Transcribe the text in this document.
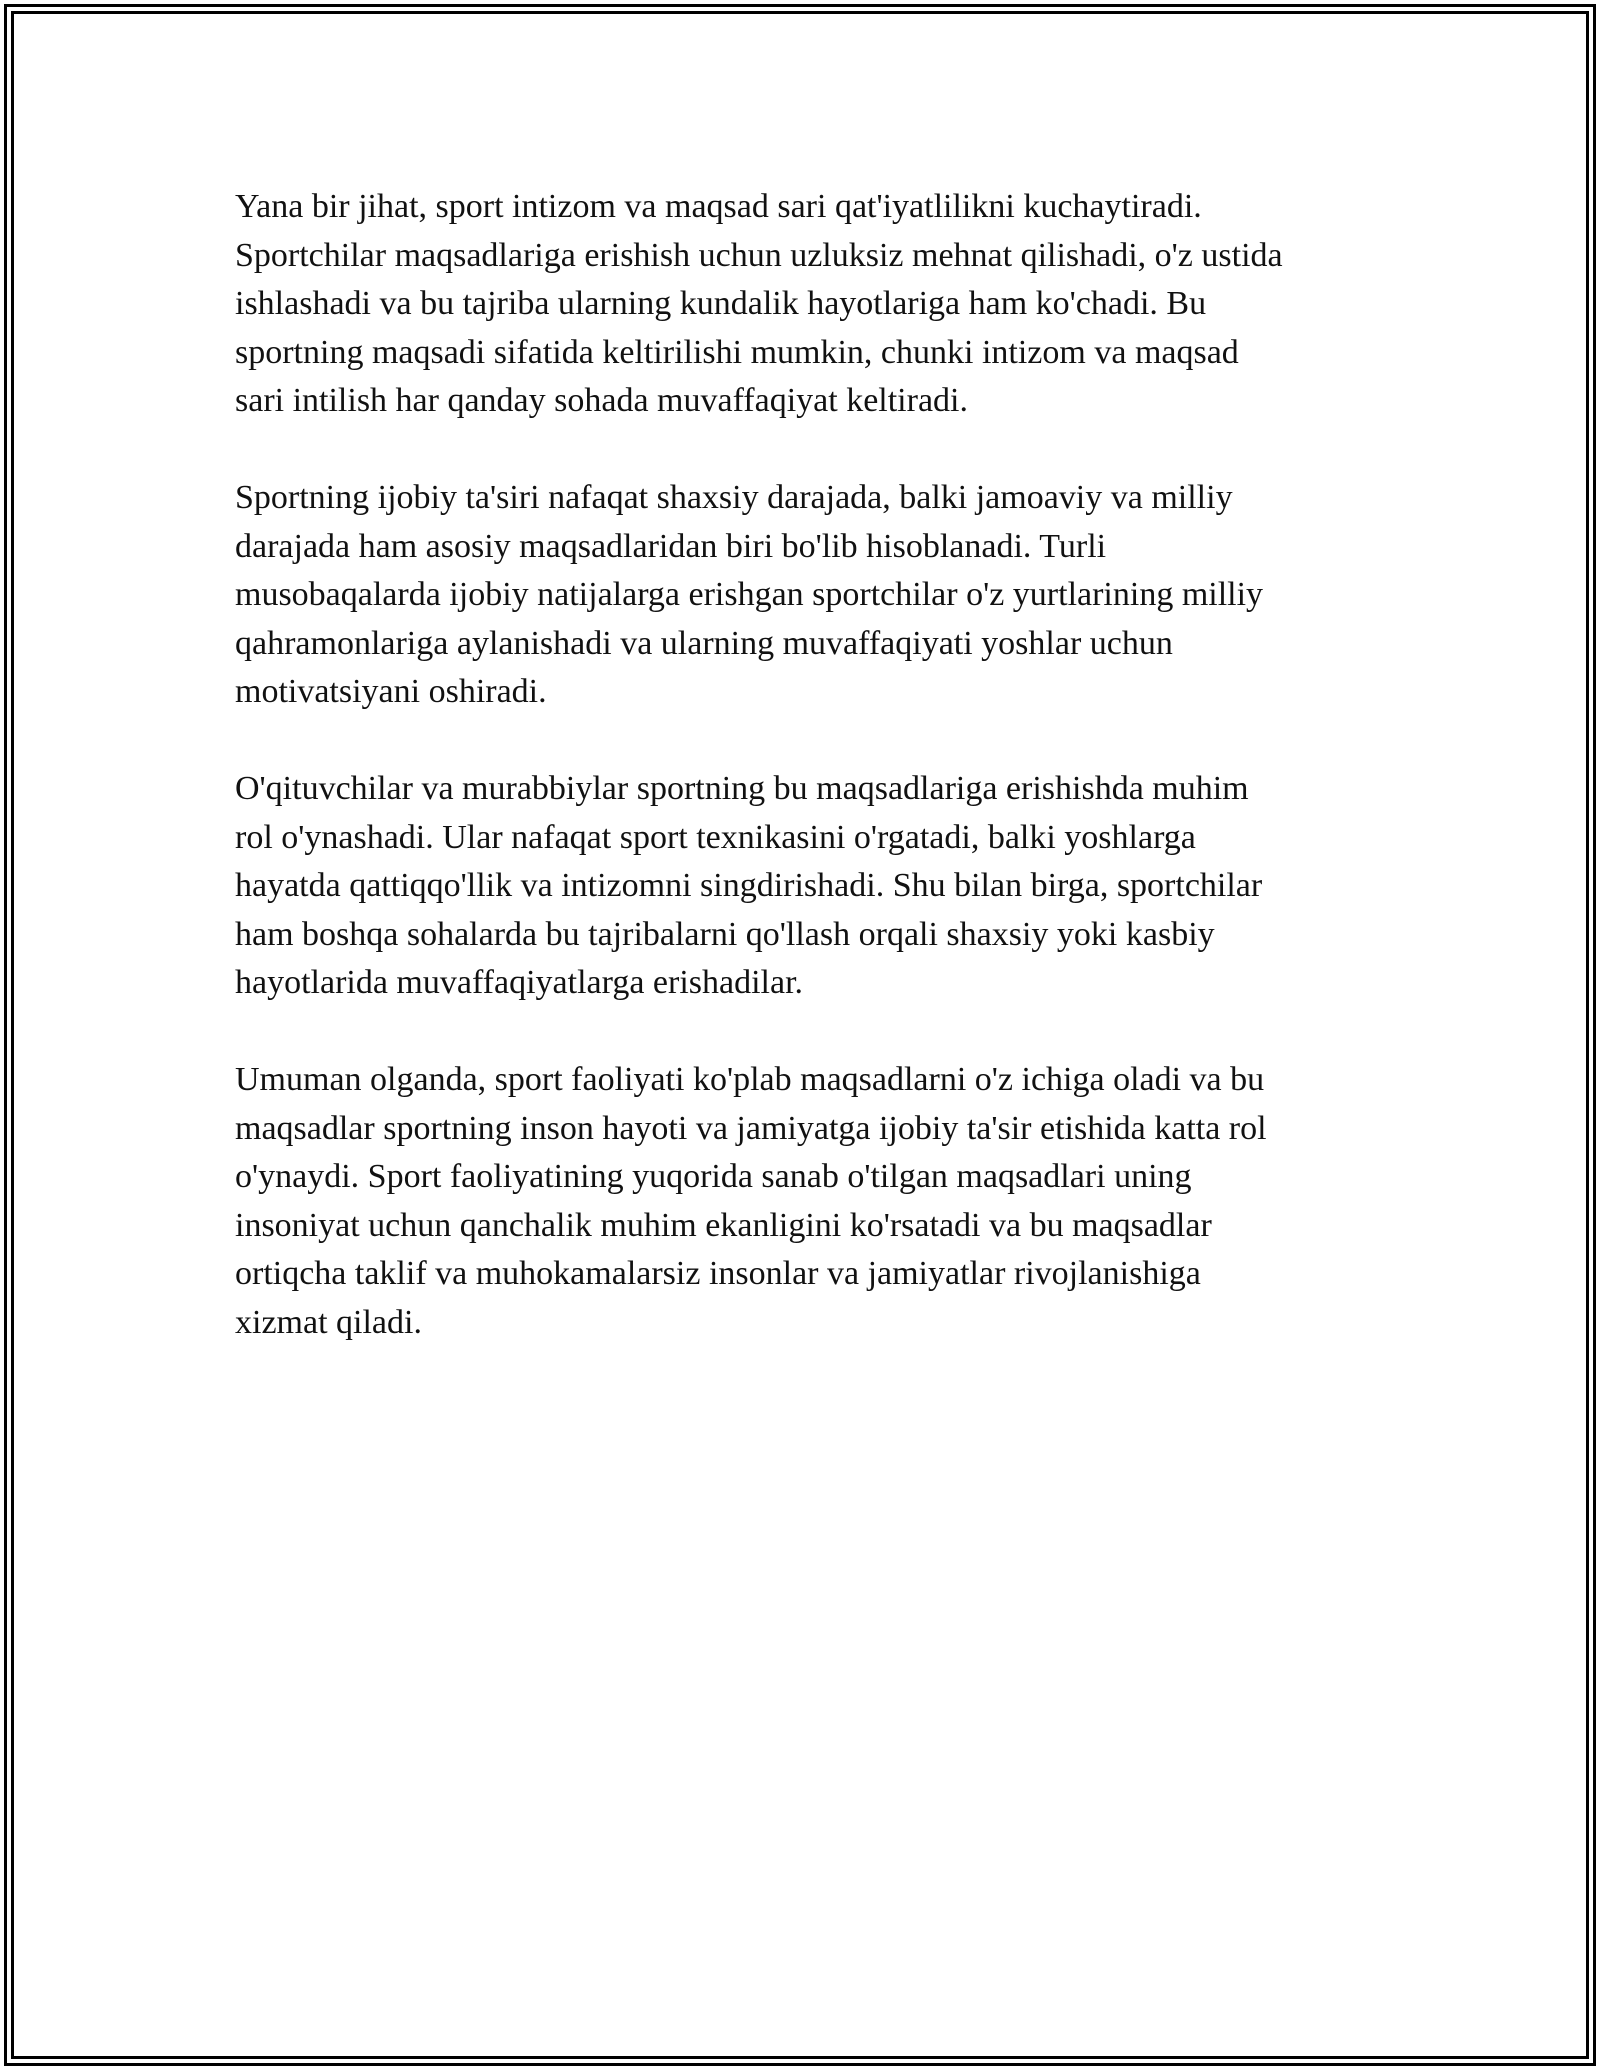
Yana bir jihat, sport intizom va maqsad sari qat'iyatlilikni kuchaytiradi.
Sportchilar maqsadlariga erishish uchun uzluksiz mehnat qilishadi, o'z ustida
ishlashadi va bu tajriba ularning kundalik hayotlariga ham ko'chadi. Bu
sportning maqsadi sifatida keltirilishi mumkin, chunki intizom va maqsad
sari intilish har qanday sohada muvaffaqiyat keltiradi.

Sportning ijobiy ta'siri nafaqat shaxsiy darajada, balki jamoaviy va milliy
darajada ham asosiy maqsadlaridan biri bo'lib hisoblanadi. Turli
musobaqalarda ijobiy natijalarga erishgan sportchilar o'z yurtlarining milliy
qahramonlariga aylanishadi va ularning muvaffaqiyati yoshlar uchun
motivatsiyani oshiradi.

O'qituvchilar va murabbiylar sportning bu maqsadlariga erishishda muhim
rol o'ynashadi. Ular nafaqat sport texnikasini o'rgatadi, balki yoshlarga
hayatda qattiqqo'llik va intizomni singdirishadi. Shu bilan birga, sportchilar
ham boshqa sohalarda bu tajribalarni qo'llash orqali shaxsiy yoki kasbiy
hayotlarida muvaffaqiyatlarga erishadilar.

Umuman olganda, sport faoliyati ko'plab maqsadlarni o'z ichiga oladi va bu
maqsadlar sportning inson hayoti va jamiyatga ijobiy ta'sir etishida katta rol
o'ynaydi. Sport faoliyatining yuqorida sanab o'tilgan maqsadlari uning
insoniyat uchun qanchalik muhim ekanligini ko'rsatadi va bu maqsadlar
ortiqcha taklif va muhokamalarsiz insonlar va jamiyatlar rivojlanishiga
xizmat qiladi.
